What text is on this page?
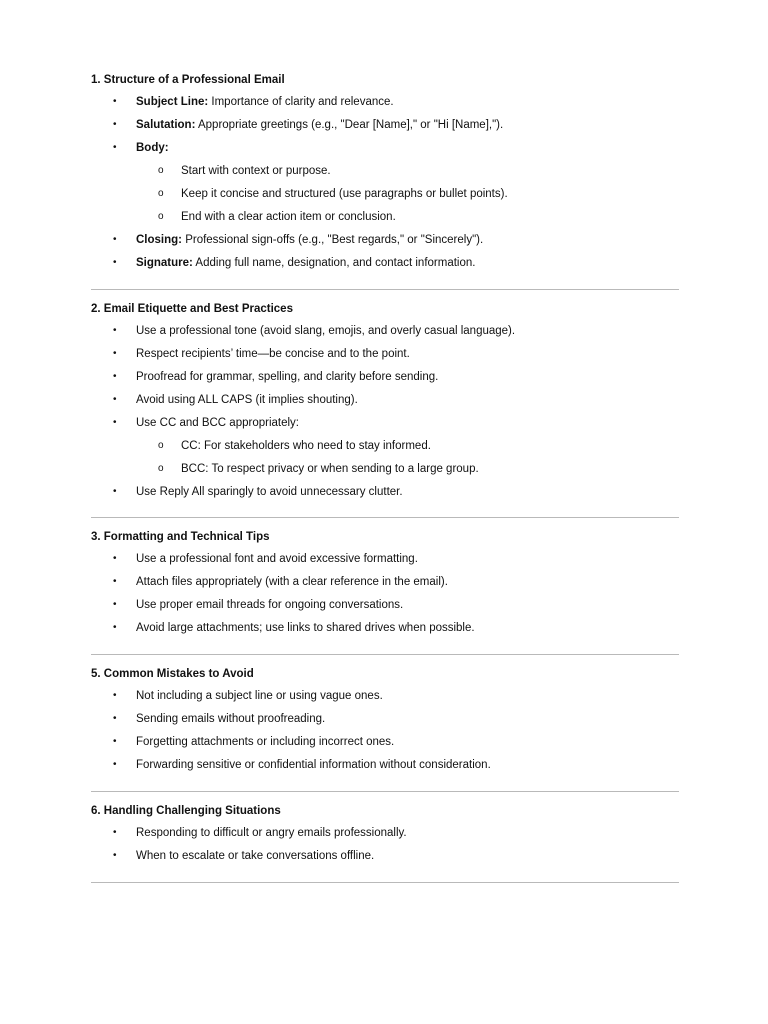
1. Structure of a Professional Email
• Subject Line: Importance of clarity and relevance.
• Salutation: Appropriate greetings (e.g., "Dear [Name]," or "Hi [Name],").
• Body:
o Start with context or purpose.
o Keep it concise and structured (use paragraphs or bullet points).
o End with a clear action item or conclusion.
• Closing: Professional sign-offs (e.g., "Best regards," or "Sincerely").
• Signature: Adding full name, designation, and contact information.
2. Email Etiquette and Best Practices
• Use a professional tone (avoid slang, emojis, and overly casual language).
• Respect recipients’ time—be concise and to the point.
• Proofread for grammar, spelling, and clarity before sending.
• Avoid using ALL CAPS (it implies shouting).
• Use CC and BCC appropriately:
o CC: For stakeholders who need to stay informed.
o BCC: To respect privacy or when sending to a large group.
• Use Reply All sparingly to avoid unnecessary clutter.
3. Formatting and Technical Tips
• Use a professional font and avoid excessive formatting.
• Attach files appropriately (with a clear reference in the email).
• Use proper email threads for ongoing conversations.
• Avoid large attachments; use links to shared drives when possible.
5. Common Mistakes to Avoid
• Not including a subject line or using vague ones.
• Sending emails without proofreading.
• Forgetting attachments or including incorrect ones.
• Forwarding sensitive or confidential information without consideration.
6. Handling Challenging Situations
• Responding to difficult or angry emails professionally.
• When to escalate or take conversations offline.
